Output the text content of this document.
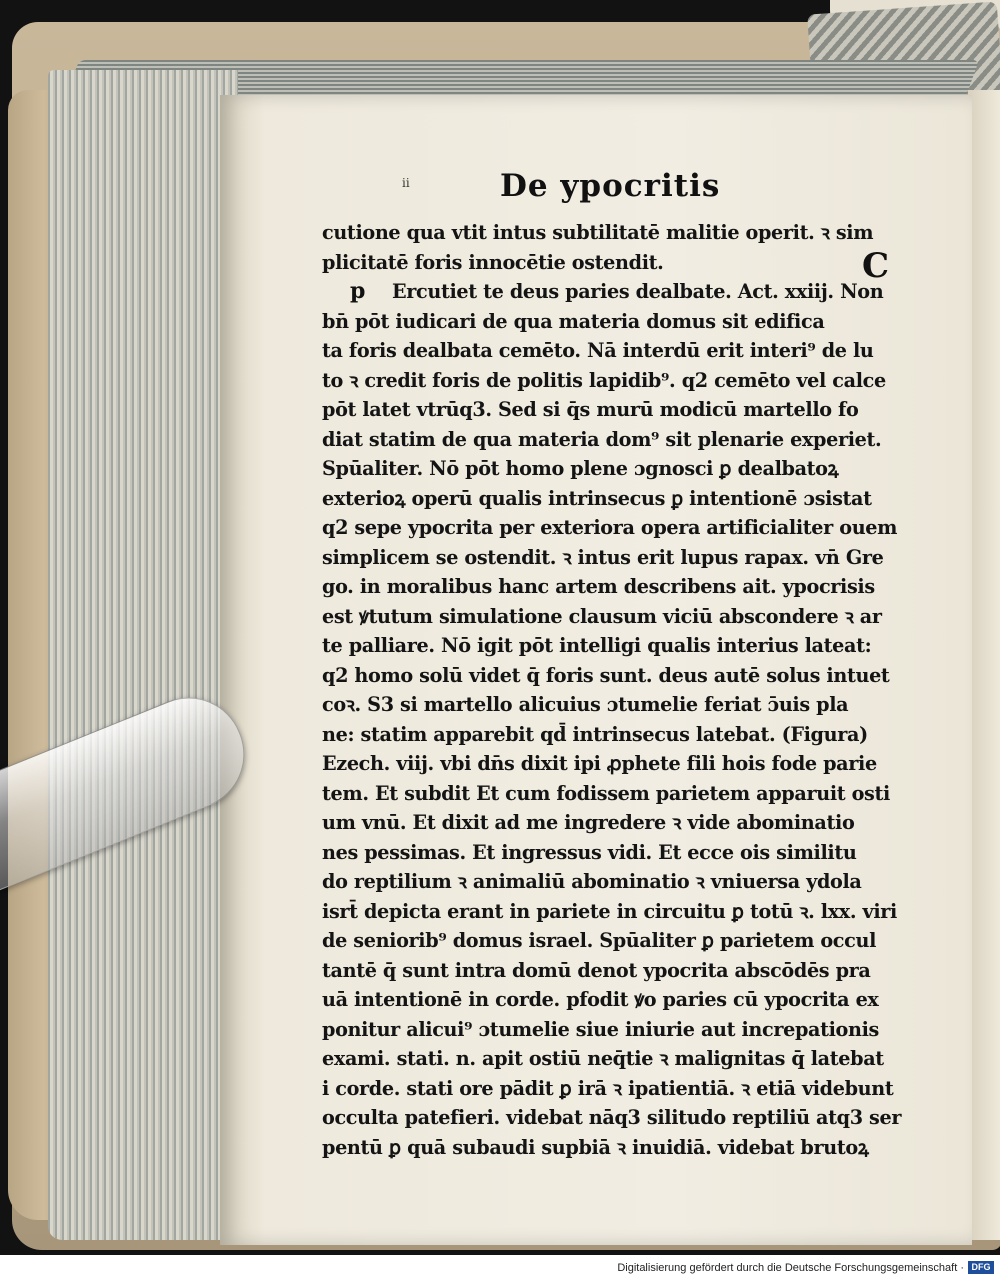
ii	De ypocritis
cutione qua vtit intus subtilitatē malitie operit. ꝛ sim
plicitatē foris innocētie ostendit.
Ercutiet te deus paries dealbate. Act. xxiij. Non
bn̄ pōt iudicari de qua materia domus sit edifica
ta foris dealbata cemēto. Nā interdū erit interi⁹ de lu
to ꝛ credit foris de politis lapidib⁹. q2 cemēto vel calce
pōt latet vtrūq3. Sed si q̄s murū modicū martello fo
diat statim de qua materia dom⁹ sit plenarie experiet.
Spūaliter. Nō pōt homo plene ɔgnosci ꝑ dealbatoꝝ
exterioꝝ operū qualis intrinsecus ꝑ intentionē ɔsistat
q2 sepe ypocrita per exteriora opera artificialiter ouem
simplicem se ostendit. ꝛ intus erit lupus rapax. vn̄ Gre
go. in moralibus hanc artem describens ait. ypocrisis
est ꝟtutum simulatione clausum viciū abscondere ꝛ ar
te palliare. Nō igit pōt intelligi qualis interius lateat:
q2 homo solū videt q̄ foris sunt. deus autē solus intuet
coꝛ. S3 si martello alicuius ɔtumelie feriat ɔ̄uis pla
ne: statim apparebit qd̄ intrinsecus latebat. (Figura)
Ezech. viij. vbi dn̄s dixit ipi ꝓphete fili hois fode parie
tem. Et subdit Et cum fodissem parietem apparuit osti
um vnū. Et dixit ad me ingredere ꝛ vide abominatio
nes pessimas. Et ingressus vidi. Et ecce ois similitu
do reptilium ꝛ animaliū abominatio ꝛ vniuersa ydola
isrt̄ depicta erant in pariete in circuitu ꝑ totū ꝛ. lxx. viri
de seniorib⁹ domus israel. Spūaliter ꝑ parietem occul
tantē q̄ sunt intra domū denot ypocrita abscōdēs pra
uā intentionē in corde. pfodit ꝟo paries cū ypocrita ex
ponitur alicui⁹ ɔtumelie siue iniurie aut increpationis
exami. stati. n. apit ostiū neq̄tie ꝛ malignitas q̄ latebat
i corde. stati ore pādit ꝑ irā ꝛ ipatientiā. ꝛ etiā videbunt
occulta patefieri. videbat nāq3 silitudo reptiliū atq3 ser
pentū ꝑ quā subaudi supbiā ꝛ inuidiā. videbat brutoꝝ
C
p
Digitalisierung gefördert durch die Deutsche Forschungsgemeinschaft · DFG
